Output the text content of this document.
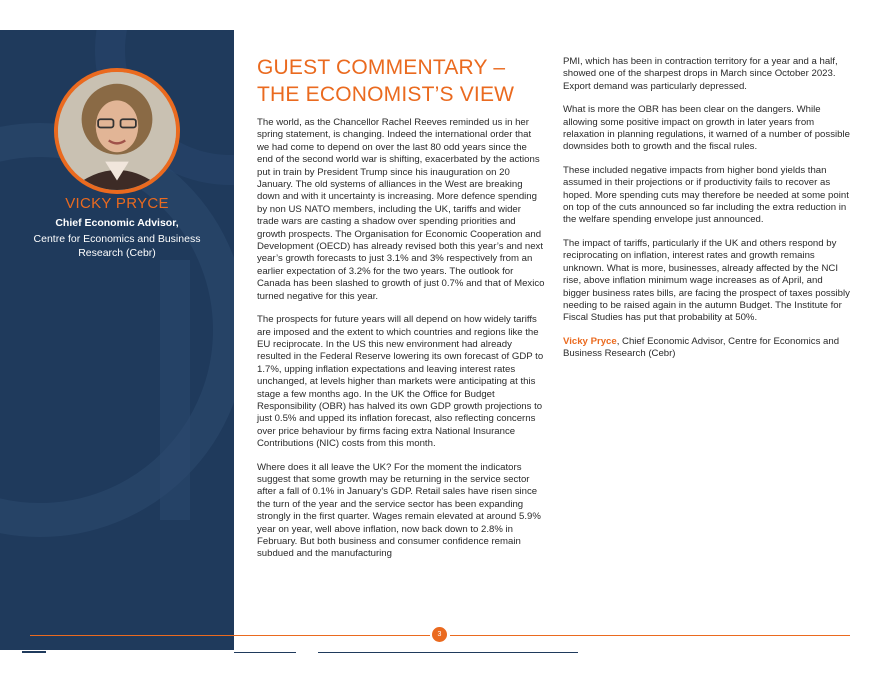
VICKY PRYCE
Chief Economic Advisor,
Centre for Economics and Business Research (Cebr)
GUEST COMMENTARY –
THE ECONOMIST’S VIEW

The world, as the Chancellor Rachel Reeves reminded us in her spring statement, is changing. Indeed the international order that we had come to depend on over the last 80 odd years since the end of the second world war is shifting, exacerbated by the actions put in train by President Trump since his inauguration on 20 January. The old systems of alliances in the West are breaking down and with it uncertainty is increasing. More defence spending by non US NATO members, including the UK, tariffs and wider trade wars are casting a shadow over spending priorities and growth prospects. The Organisation for Economic Cooperation and Development (OECD) has already revised both this year’s and next year’s growth forecasts to just 3.1% and 3% respectively from an earlier expectation of 3.2% for the two years. The outlook for Canada has been slashed to growth of just 0.7% and that of Mexico turned negative for this year.

The prospects for future years will all depend on how widely tariffs are imposed and the extent to which countries and regions like the EU reciprocate. In the US this new environment had already resulted in the Federal Reserve lowering its own forecast of GDP to 1.7%, upping inflation expectations and leaving interest rates unchanged, at levels higher than markets were anticipating at this stage a few months ago. In the UK the Office for Budget Responsibility (OBR) has halved its own GDP growth projections to just 0.5% and upped its inflation forecast, also reflecting concerns over price behaviour by firms facing extra National Insurance Contributions (NIC) costs from this month.

Where does it all leave the UK? For the moment the indicators suggest that some growth may be returning in the service sector after a fall of 0.1% in January’s GDP. Retail sales have risen since the turn of the year and the service sector has been expanding strongly in the first quarter. Wages remain elevated at around 5.9% year on year, well above inflation, now back down to 2.8% in February. But both business and consumer confidence remain subdued and the manufacturing

PMI, which has been in contraction territory for a year and a half, showed one of the sharpest drops in March since October 2023. Export demand was particularly depressed.

What is more the OBR has been clear on the dangers. While allowing some positive impact on growth in later years from relaxation in planning regulations, it warned of a number of possible downsides both to growth and the fiscal rules.

These included negative impacts from higher bond yields than assumed in their projections or if productivity fails to recover as hoped. More spending cuts may therefore be needed at some point on top of the cuts announced so far including the extra reduction in the welfare spending envelope just announced.

The impact of tariffs, particularly if the UK and others respond by reciprocating on inflation, interest rates and growth remains unknown. What is more, businesses, already affected by the NCI rise, above inflation minimum wage increases as of April, and bigger business rates bills, are facing the prospect of taxes possibly needing to be raised again in the autumn Budget. The Institute for Fiscal Studies has put that probability at 50%.

Vicky Pryce, Chief Economic Advisor, Centre for Economics and Business Research (Cebr)

3
